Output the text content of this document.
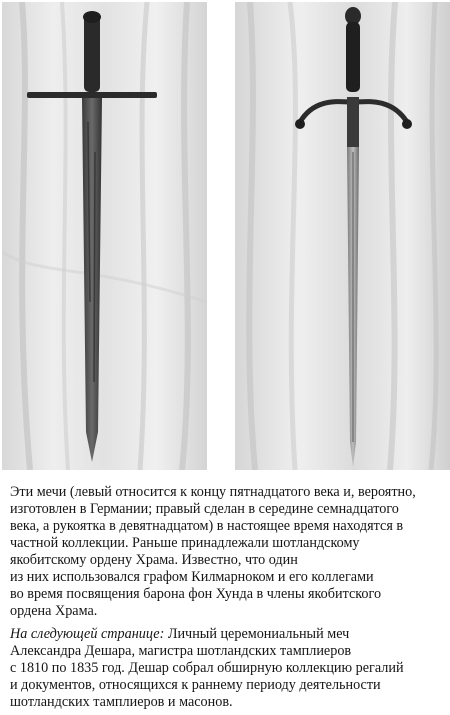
Эти мечи (левый относится к концу пятнадцатого века и, вероятно,
изготовлен в Германии; правый сделан в середине семнадцатого
века, а рукоятка в девятнадцатом) в настоящее время находятся в
частной коллекции. Раньше принадлежали шотландскому
якобитскому ордену Храма. Известно, что один
из них использовался графом Килмарноком и его коллегами
во время посвящения барона фон Хунда в члены якобитского
ордена Храма.
На следующей странице: Личный церемониальный меч
Александра Дешара, магистра шотландских тамплиеров
с 1810 по 1835 год. Дешар собрал обширную коллекцию регалий
и документов, относящихся к раннему периоду деятельности
шотландских тамплиеров и масонов.
